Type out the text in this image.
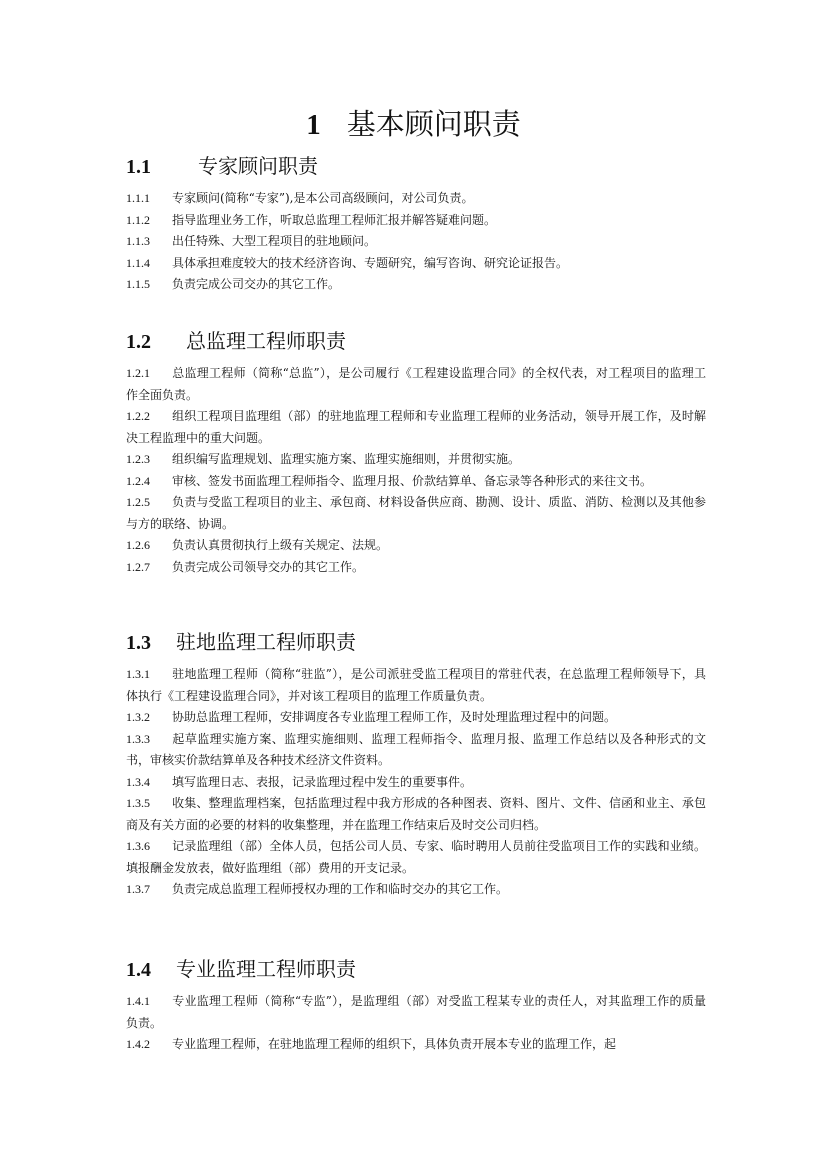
1 基本顾问职责
1.1 专家顾问职责
1.1.1 专家顾问(简称“专家”),是本公司高级顾问，对公司负责。
1.1.2 指导监理业务工作，听取总监理工程师汇报并解答疑难问题。
1.1.3 出任特殊、大型工程项目的驻地顾问。
1.1.4 具体承担难度较大的技术经济咨询、专题研究，编写咨询、研究论证报告。
1.1.5 负责完成公司交办的其它工作。
1.2 总监理工程师职责
1.2.1 总监理工程师（简称“总监”），是公司履行《工程建设监理合同》的全权代表，对工程项目的监理工作全面负责。
1.2.2 组织工程项目监理组（部）的驻地监理工程师和专业监理工程师的业务活动，领导开展工作，及时解决工程监理中的重大问题。
1.2.3 组织编写监理规划、监理实施方案、监理实施细则，并贯彻实施。
1.2.4 审核、签发书面监理工程师指令、监理月报、价款结算单、备忘录等各种形式的来往文书。
1.2.5 负责与受监工程项目的业主、承包商、材料设备供应商、勘测、设计、质监、消防、检测以及其他参与方的联络、协调。
1.2.6 负责认真贯彻执行上级有关规定、法规。
1.2.7 负责完成公司领导交办的其它工作。
1.3 驻地监理工程师职责
1.3.1 驻地监理工程师（简称“驻监”），是公司派驻受监工程项目的常驻代表，在总监理工程师领导下，具体执行《工程建设监理合同》，并对该工程项目的监理工作质量负责。
1.3.2 协助总监理工程师，安排调度各专业监理工程师工作，及时处理监理过程中的问题。
1.3.3 起草监理实施方案、监理实施细则、监理工程师指令、监理月报、监理工作总结以及各种形式的文书，审核实价款结算单及各种技术经济文件资料。
1.3.4 填写监理日志、表报，记录监理过程中发生的重要事件。
1.3.5 收集、整理监理档案，包括监理过程中我方形成的各种图表、资料、图片、文件、信函和业主、承包商及有关方面的必要的材料的收集整理，并在监理工作结束后及时交公司归档。
1.3.6 记录监理组（部）全体人员，包括公司人员、专家、临时聘用人员前往受监项目工作的实践和业绩。填报酬金发放表，做好监理组（部）费用的开支记录。
1.3.7 负责完成总监理工程师授权办理的工作和临时交办的其它工作。
1.4 专业监理工程师职责
1.4.1 专业监理工程师（简称“专监”），是监理组（部）对受监工程某专业的责任人，对其监理工作的质量负责。
1.4.2 专业监理工程师，在驻地监理工程师的组织下，具体负责开展本专业的监理工作，起
